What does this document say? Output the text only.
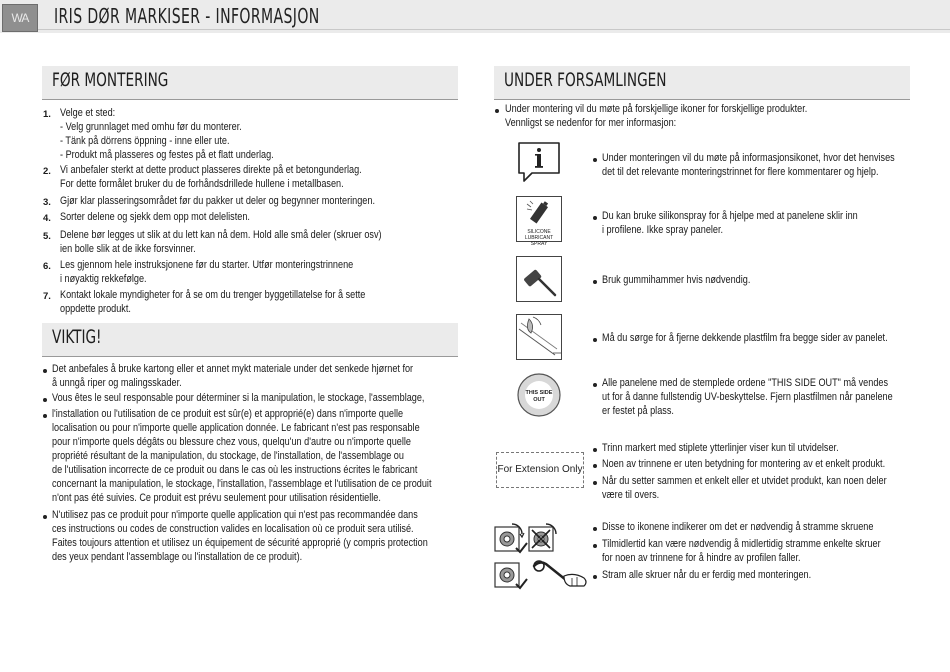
WA	IRIS DØR MARKISER - INFORMASJON
FØR MONTERING
1. Velge et sted:
- Velg grunnlaget med omhu før du monterer.
- Tänk på dörrens öppning - inne eller ute.
- Produkt må plasseres og festes på et flatt underlag.
2. Vi anbefaler sterkt at dette product plasseres direkte på et betongunderlag.
For dette formålet bruker du de forhåndsdrillede hullene i metallbasen.
3. Gjør klar plasseringsområdet før du pakker ut deler og begynner monteringen.
4. Sorter delene og sjekk dem opp mot delelisten.
5. Delene bør legges ut slik at du lett kan nå dem. Hold alle små deler (skruer osv)
ien bolle slik at de ikke forsvinner.
6. Les gjennom hele instruksjonene før du starter. Utfør monteringstrinnene
i nøyaktig rekkefølge.
7. Kontakt lokale myndigheter for å se om du trenger byggetillatelse for å sette
oppdette produkt.
VIKTIG!
Det anbefales å bruke kartong eller et annet mykt materiale under det senkede hjørnet for
å unngå riper og malingsskader.
Vous êtes le seul responsable pour déterminer si la manipulation, le stockage, l'assemblage,
l'installation ou l'utilisation de ce produit est sûr(e) et approprié(e) dans n'importe quelle
localisation ou pour n'importe quelle application donnée. Le fabricant n'est pas responsable
pour n'importe quels dégâts ou blessure chez vous, quelqu'un d'autre ou n'importe quelle
propriété résultant de la manipulation, du stockage, de l'installation, de l'assemblage ou
de l'utilisation incorrecte de ce produit ou dans le cas où les instructions écrites le fabricant
concernant la manipulation, le stockage, l'installation, l'assemblage et l'utilisation de ce produit
n'ont pas été suivies. Ce produit est prévu seulement pour utilisation résidentielle.
N'utilisez pas ce produit pour n'importe quelle application qui n'est pas recommandée dans
ces instructions ou codes de construction valides en localisation où ce produit sera utilisé.
Faites toujours attention et utilisez un équipement de sécurité approprié (y compris protection
des yeux pendant l'assemblage ou l'installation de ce produit).
UNDER FORSAMLINGEN
Under montering vil du møte på forskjellige ikoner for forskjellige produkter.
Vennligst se nedenfor for mer informasjon:
Under monteringen vil du møte på informasjonsikonet, hvor det henvises
det til det relevante monteringstrinnet for flere kommentarer og hjelp.
SILICONE
LUBRICANT SPRAY
Du kan bruke silikonspray for å hjelpe med at panelene sklir inn
i profilene. Ikke spray paneler.
Bruk gummihammer hvis nødvendig.
Må du sørge for å fjerne dekkende plastfilm fra begge sider av panelet.
THIS SIDE
OUT
Alle panelene med de stemplede ordene "THIS SIDE OUT" må vendes
ut for å danne fullstendig UV-beskyttelse. Fjern plastfilmen når panelene
er festet på plass.
For Extension Only
Trinn markert med stiplete ytterlinjer viser kun til utvidelser.
Noen av trinnene er uten betydning for montering av et enkelt produkt.
Når du setter sammen et enkelt eller et utvidet produkt, kan noen deler
være til overs.
Disse to ikonene indikerer om det er nødvendig å stramme skruene
Tilmidlertid kan være nødvendig å midlertidig stramme enkelte skruer
for noen av trinnene for å hindre av profilen faller.
Stram alle skruer når du er ferdig med monteringen.
